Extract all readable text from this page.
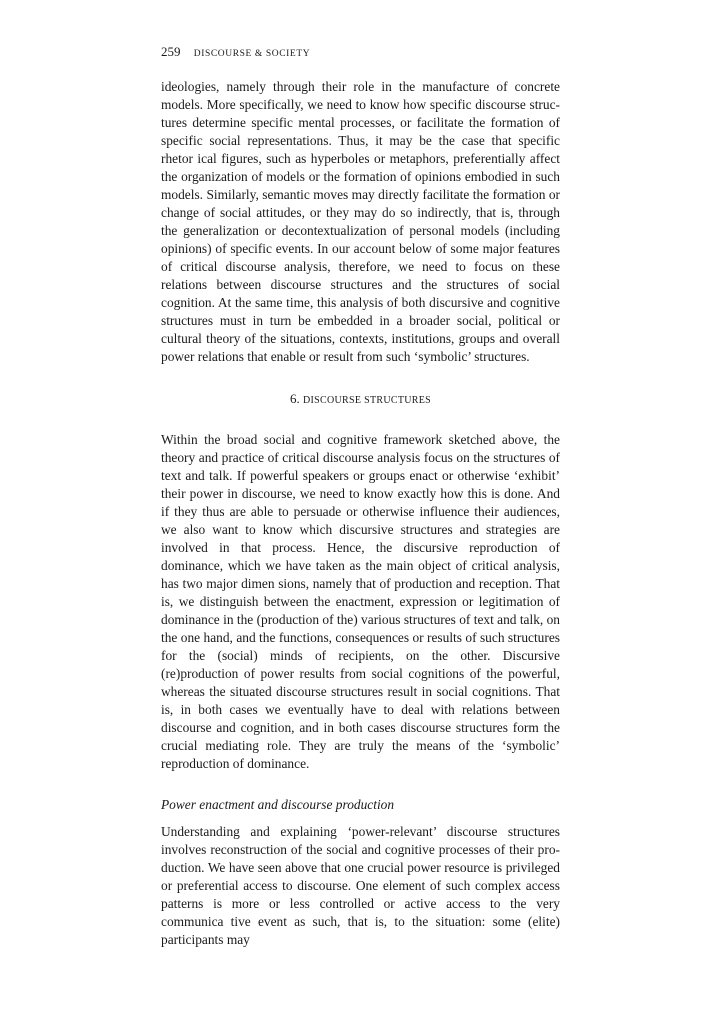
259 DISCOURSE & SOCIETY

ideologies, namely through their role in the manufacture of concrete models. More specifically, we need to know how specific discourse struc tures determine specific mental processes, or facilitate the formation of specific social representations. Thus, it may be the case that specific rhetor ical figures, such as hyperboles or metaphors, preferentially affect the organization of models or the formation of opinions embodied in such models. Similarly, semantic moves may directly facilitate the formation or change of social attitudes, or they may do so indirectly, that is, through the generalization or decontextualization of personal models (including opinions) of specific events. In our account below of some major features of critical discourse analysis, therefore, we need to focus on these relations between discourse structures and the structures of social cognition. At the same time, this analysis of both discursive and cognitive structures must in turn be embedded in a broader social, political or cultural theory of the situations, contexts, institutions, groups and overall power relations that enable or result from such ‘symbolic’ structures.

6. DISCOURSE STRUCTURES

Within the broad social and cognitive framework sketched above, the theory and practice of critical discourse analysis focus on the structures of text and talk. If powerful speakers or groups enact or otherwise ‘exhibit’ their power in discourse, we need to know exactly how this is done. And if they thus are able to persuade or otherwise influence their audiences, we also want to know which discursive structures and strategies are involved in that process. Hence, the discursive reproduction of dominance, which we have taken as the main object of critical analysis, has two major dimen sions, namely that of production and reception. That is, we distinguish between the enactment, expression or legitimation of dominance in the (production of the) various structures of text and talk, on the one hand, and the functions, consequences or results of such structures for the (social) minds of recipients, on the other. Discursive (re)production of power results from social cognitions of the powerful, whereas the situated discourse structures result in social cognitions. That is, in both cases we eventually have to deal with relations between discourse and cognition, and in both cases discourse structures form the crucial mediating role. They are truly the means of the ‘symbolic’ reproduction of dominance.

Power enactment and discourse production

Understanding and explaining ‘power-relevant’ discourse structures involves reconstruction of the social and cognitive processes of their pro duction. We have seen above that one crucial power resource is privileged or preferential access to discourse. One element of such complex access patterns is more or less controlled or active access to the very communica tive event as such, that is, to the situation: some (elite) participants may
